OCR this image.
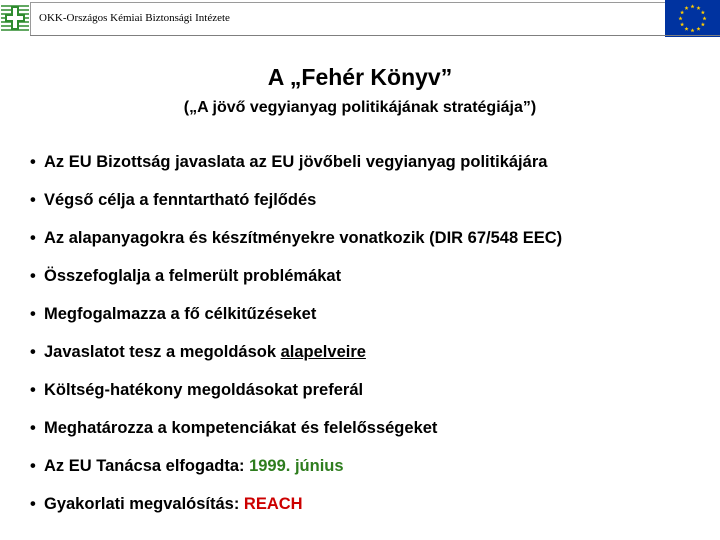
OKK-Országos Kémiai Biztonsági Intézete
A „Fehér Könyv”
(„A jövő vegyianyag politikájának stratégiája”)
• Az EU Bizottság javaslata az EU jövőbeli vegyianyag politikájára
• Végső célja a fenntartható fejlődés
• Az alapanyagokra és készítményekre vonatkozik (DIR 67/548 EEC)
• Összefoglalja a felmerült problémákat
• Megfogalmazza a fő célkitűzéseket
• Javaslatot tesz a megoldások alapelveire
• Költség-hatékony megoldásokat preferál
• Meghatározza a kompetenciákat és felelősségeket
• Az EU Tanácsa elfogadta: 1999. június
• Gyakorlati megvalósítás: REACH
